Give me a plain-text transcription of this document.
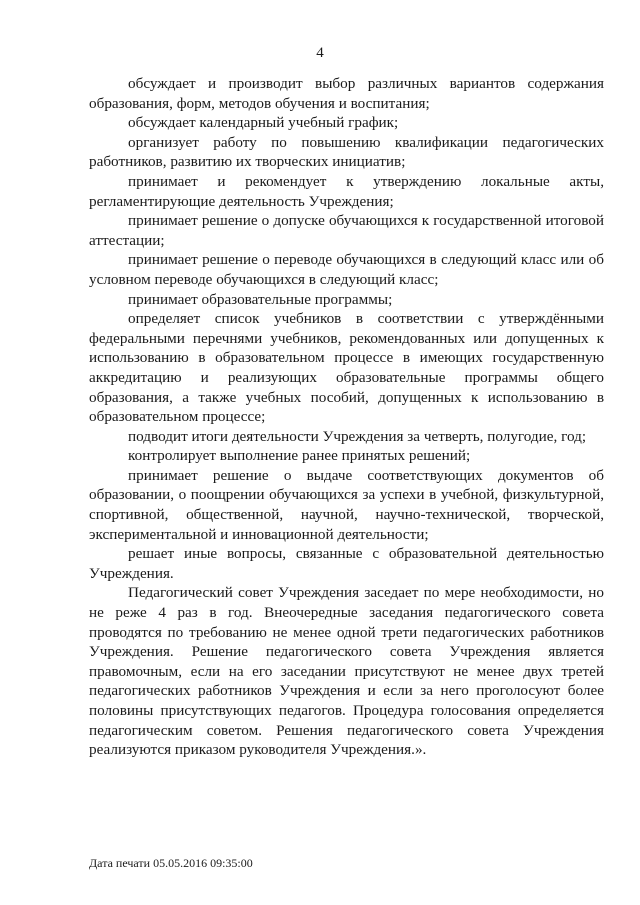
4

обсуждает и производит выбор различных вариантов содержания образования, форм, методов обучения и воспитания;

обсуждает календарный учебный график;

организует работу по повышению квалификации педагогических работников, развитию их творческих инициатив;

принимает и рекомендует к утверждению локальные акты, регламентирующие деятельность Учреждения;

принимает решение о допуске обучающихся к государственной итоговой аттестации;

принимает решение о переводе обучающихся в следующий класс или об условном переводе обучающихся в следующий класс;

принимает образовательные программы;

определяет список учебников в соответствии с утверждёнными федеральными перечнями учебников, рекомендованных или допущенных к использованию в образовательном процессе в имеющих государственную аккредитацию и реализующих образовательные программы общего образования, а также учебных пособий, допущенных к использованию в образовательном процессе;

подводит итоги деятельности Учреждения за четверть, полугодие, год;

контролирует выполнение ранее принятых решений;

принимает решение о выдаче соответствующих документов об образовании, о поощрении обучающихся за успехи в учебной, физкультурной, спортивной, общественной, научной, научно-технической, творческой, экспериментальной и инновационной деятельности;

решает иные вопросы, связанные с образовательной деятельностью Учреждения.

Педагогический совет Учреждения заседает по мере необходимости, но не реже 4 раз в год. Внеочередные заседания педагогического совета проводятся по требованию не менее одной трети педагогических работников Учреждения. Решение педагогического совета Учреждения является правомочным, если на его заседании присутствуют не менее двух третей педагогических работников Учреждения и если за него проголосуют более половины присутствующих педагогов. Процедура голосования определяется педагогическим советом. Решения педагогического совета Учреждения реализуются приказом руководителя Учреждения.».

Дата печати 05.05.2016 09:35:00
